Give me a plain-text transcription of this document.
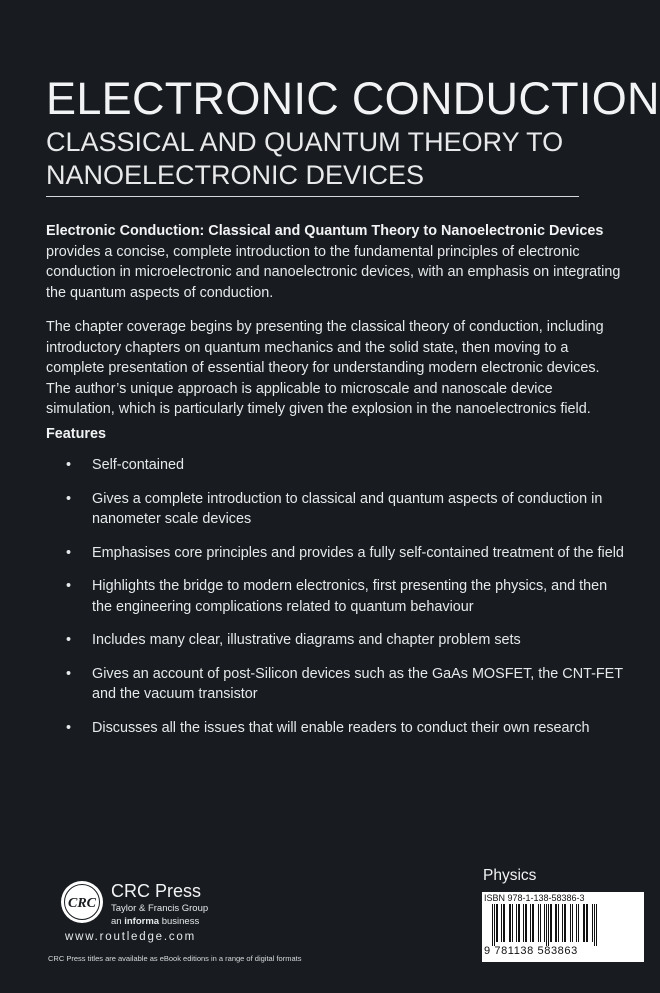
ELECTRONIC CONDUCTION
CLASSICAL AND QUANTUM THEORY TO NANOELECTRONIC DEVICES

Electronic Conduction: Classical and Quantum Theory to Nanoelectronic Devices provides a concise, complete introduction to the fundamental principles of electronic conduction in microelectronic and nanoelectronic devices, with an emphasis on integrating the quantum aspects of conduction.

The chapter coverage begins by presenting the classical theory of conduction, including introductory chapters on quantum mechanics and the solid state, then moving to a complete presentation of essential theory for understanding modern electronic devices. The author’s unique approach is applicable to microscale and nanoscale device simulation, which is particularly timely given the explosion in the nanoelectronics field.

Features
• Self-contained
• Gives a complete introduction to classical and quantum aspects of conduction in nanometer scale devices
• Emphasises core principles and provides a fully self-contained treatment of the field
• Highlights the bridge to modern electronics, first presenting the physics, and then the engineering complications related to quantum behaviour
• Includes many clear, illustrative diagrams and chapter problem sets
• Gives an account of post-Silicon devices such as the GaAs MOSFET, the CNT-FET and the vacuum transistor
• Discusses all the issues that will enable readers to conduct their own research
CRC
CRC Press
Taylor & Francis Group
an informa business
www.routledge.com
CRC Press titles are available as eBook editions in a range of digital formats
Physics
ISBN 978-1-138-58386-3
9 781138 583863
